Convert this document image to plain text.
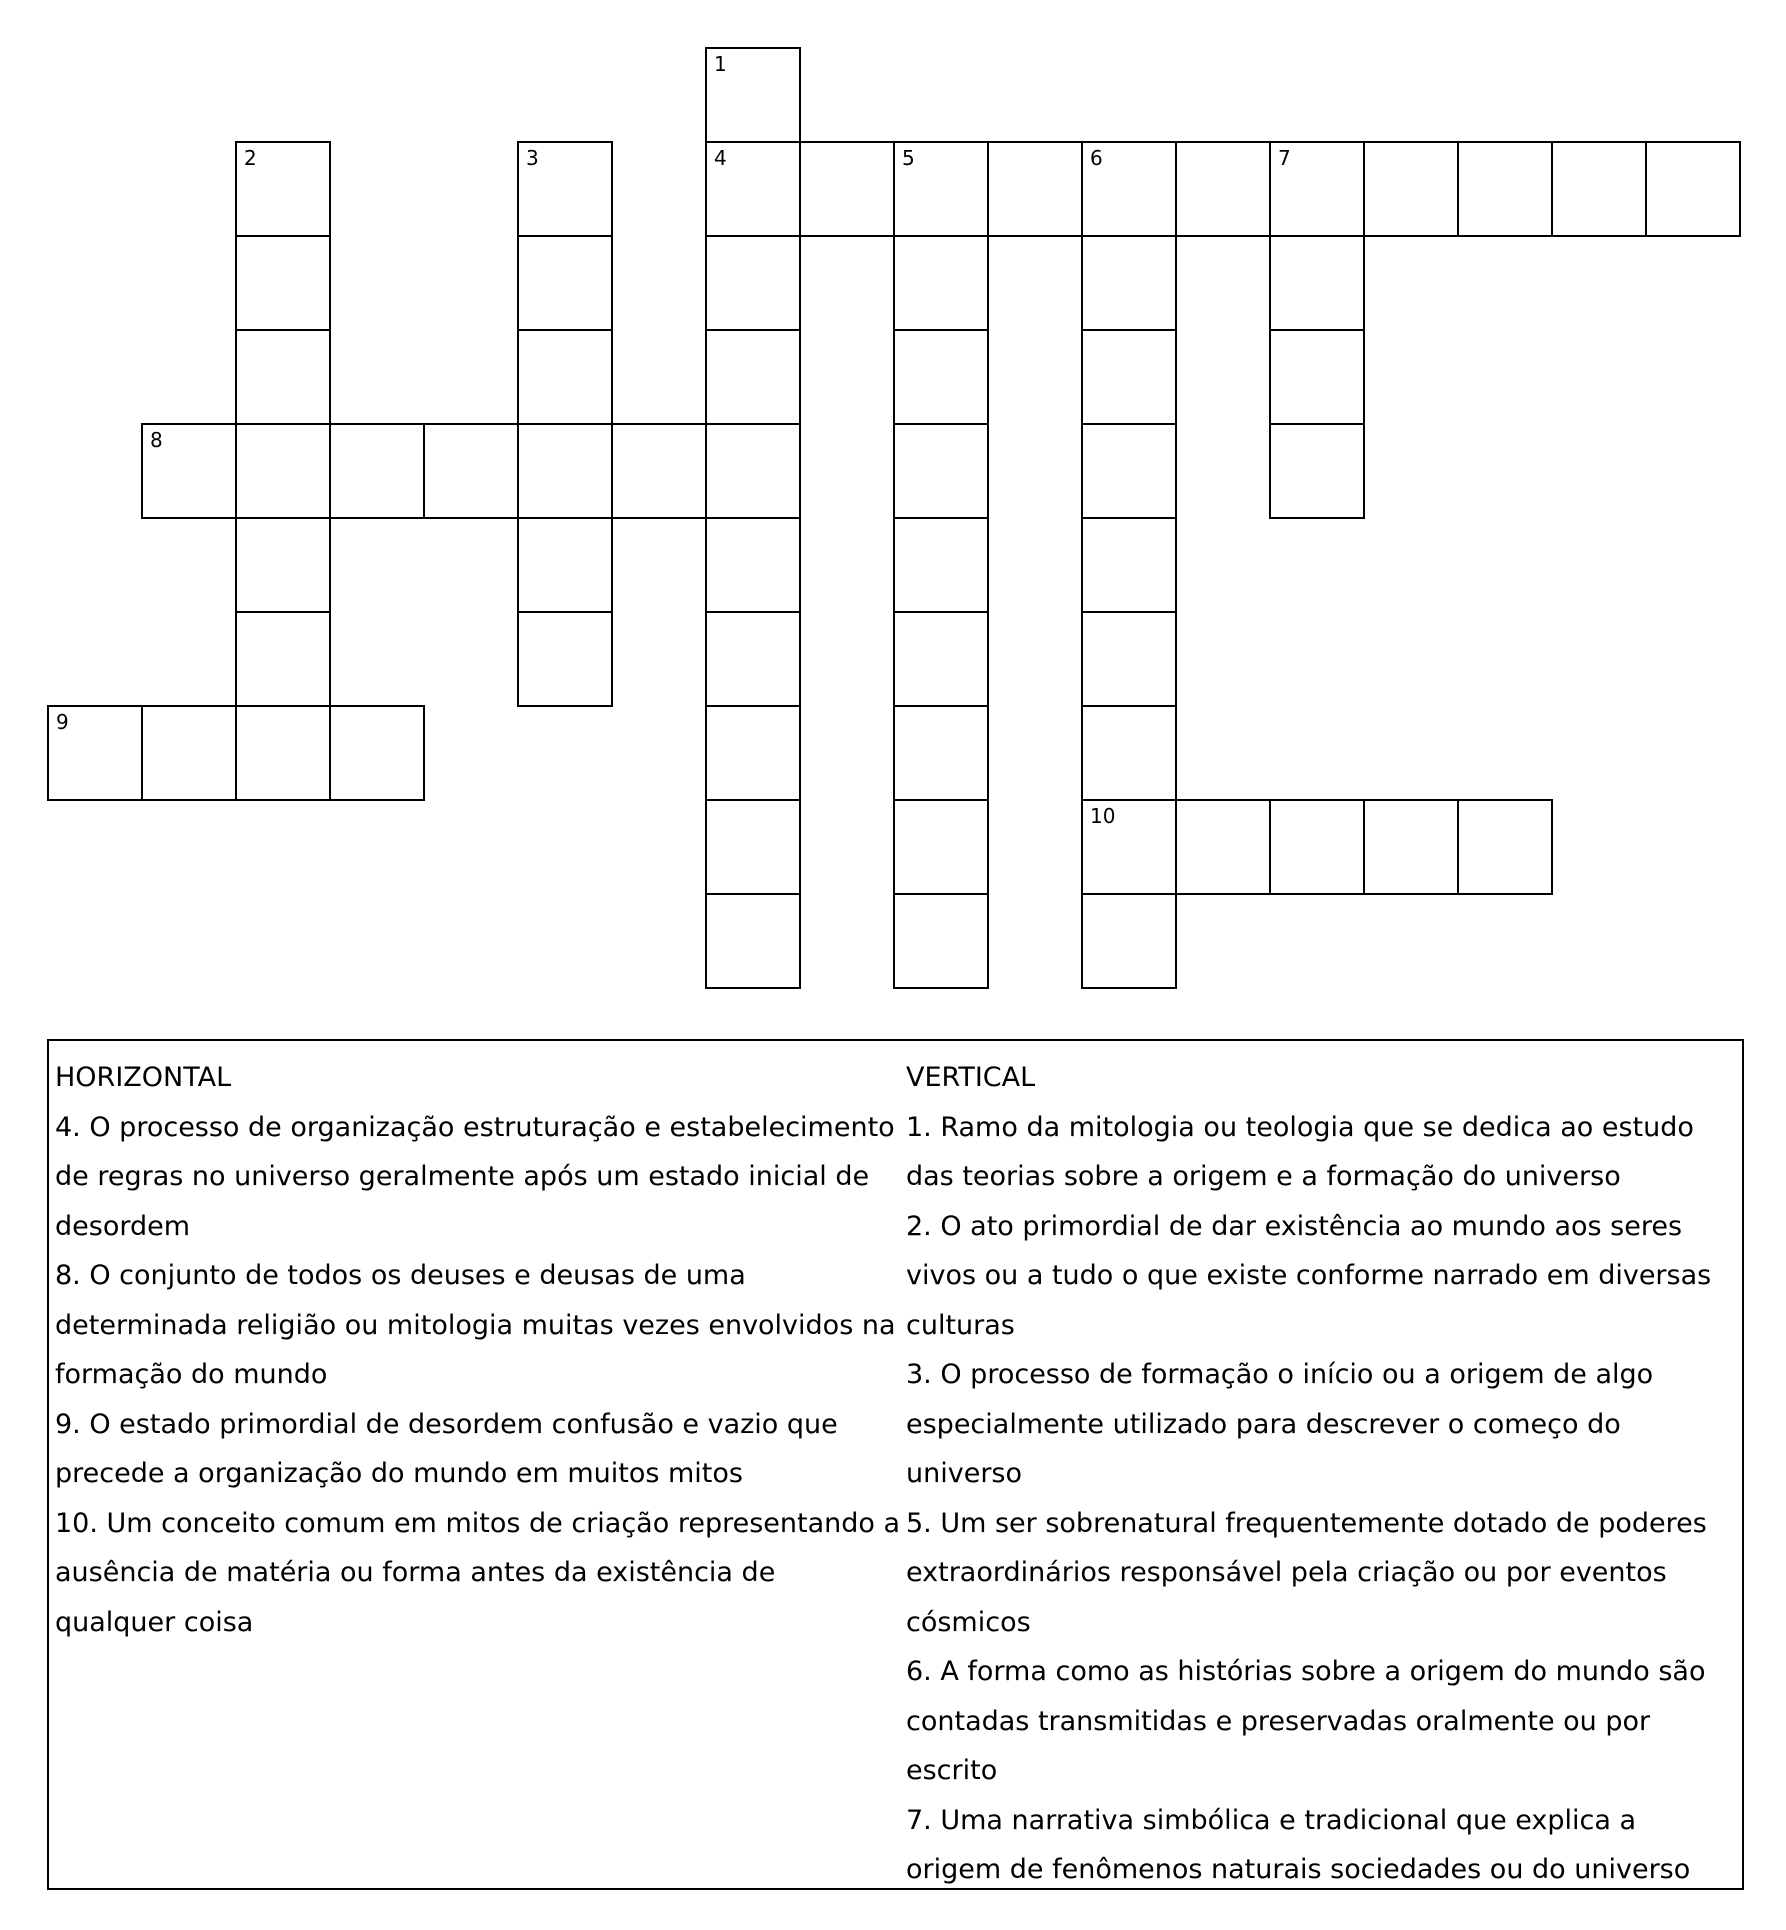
1
2	3	4	5	6	7
8
9
10
HORIZONTAL
4. O processo de organização estruturação e estabelecimento de regras no universo geralmente após um estado inicial de desordem
8. O conjunto de todos os deuses e deusas de uma determinada religião ou mitologia muitas vezes envolvidos na formação do mundo
9. O estado primordial de desordem confusão e vazio que precede a organização do mundo em muitos mitos
10. Um conceito comum em mitos de criação representando a ausência de matéria ou forma antes da existência de qualquer coisa
VERTICAL
1. Ramo da mitologia ou teologia que se dedica ao estudo das teorias sobre a origem e a formação do universo
2. O ato primordial de dar existência ao mundo aos seres vivos ou a tudo o que existe conforme narrado em diversas culturas
3. O processo de formação o início ou a origem de algo especialmente utilizado para descrever o começo do universo
5. Um ser sobrenatural frequentemente dotado de poderes extraordinários responsável pela criação ou por eventos cósmicos
6. A forma como as histórias sobre a origem do mundo são contadas transmitidas e preservadas oralmente ou por escrito
7. Uma narrativa simbólica e tradicional que explica a origem de fenômenos naturais sociedades ou do universo
